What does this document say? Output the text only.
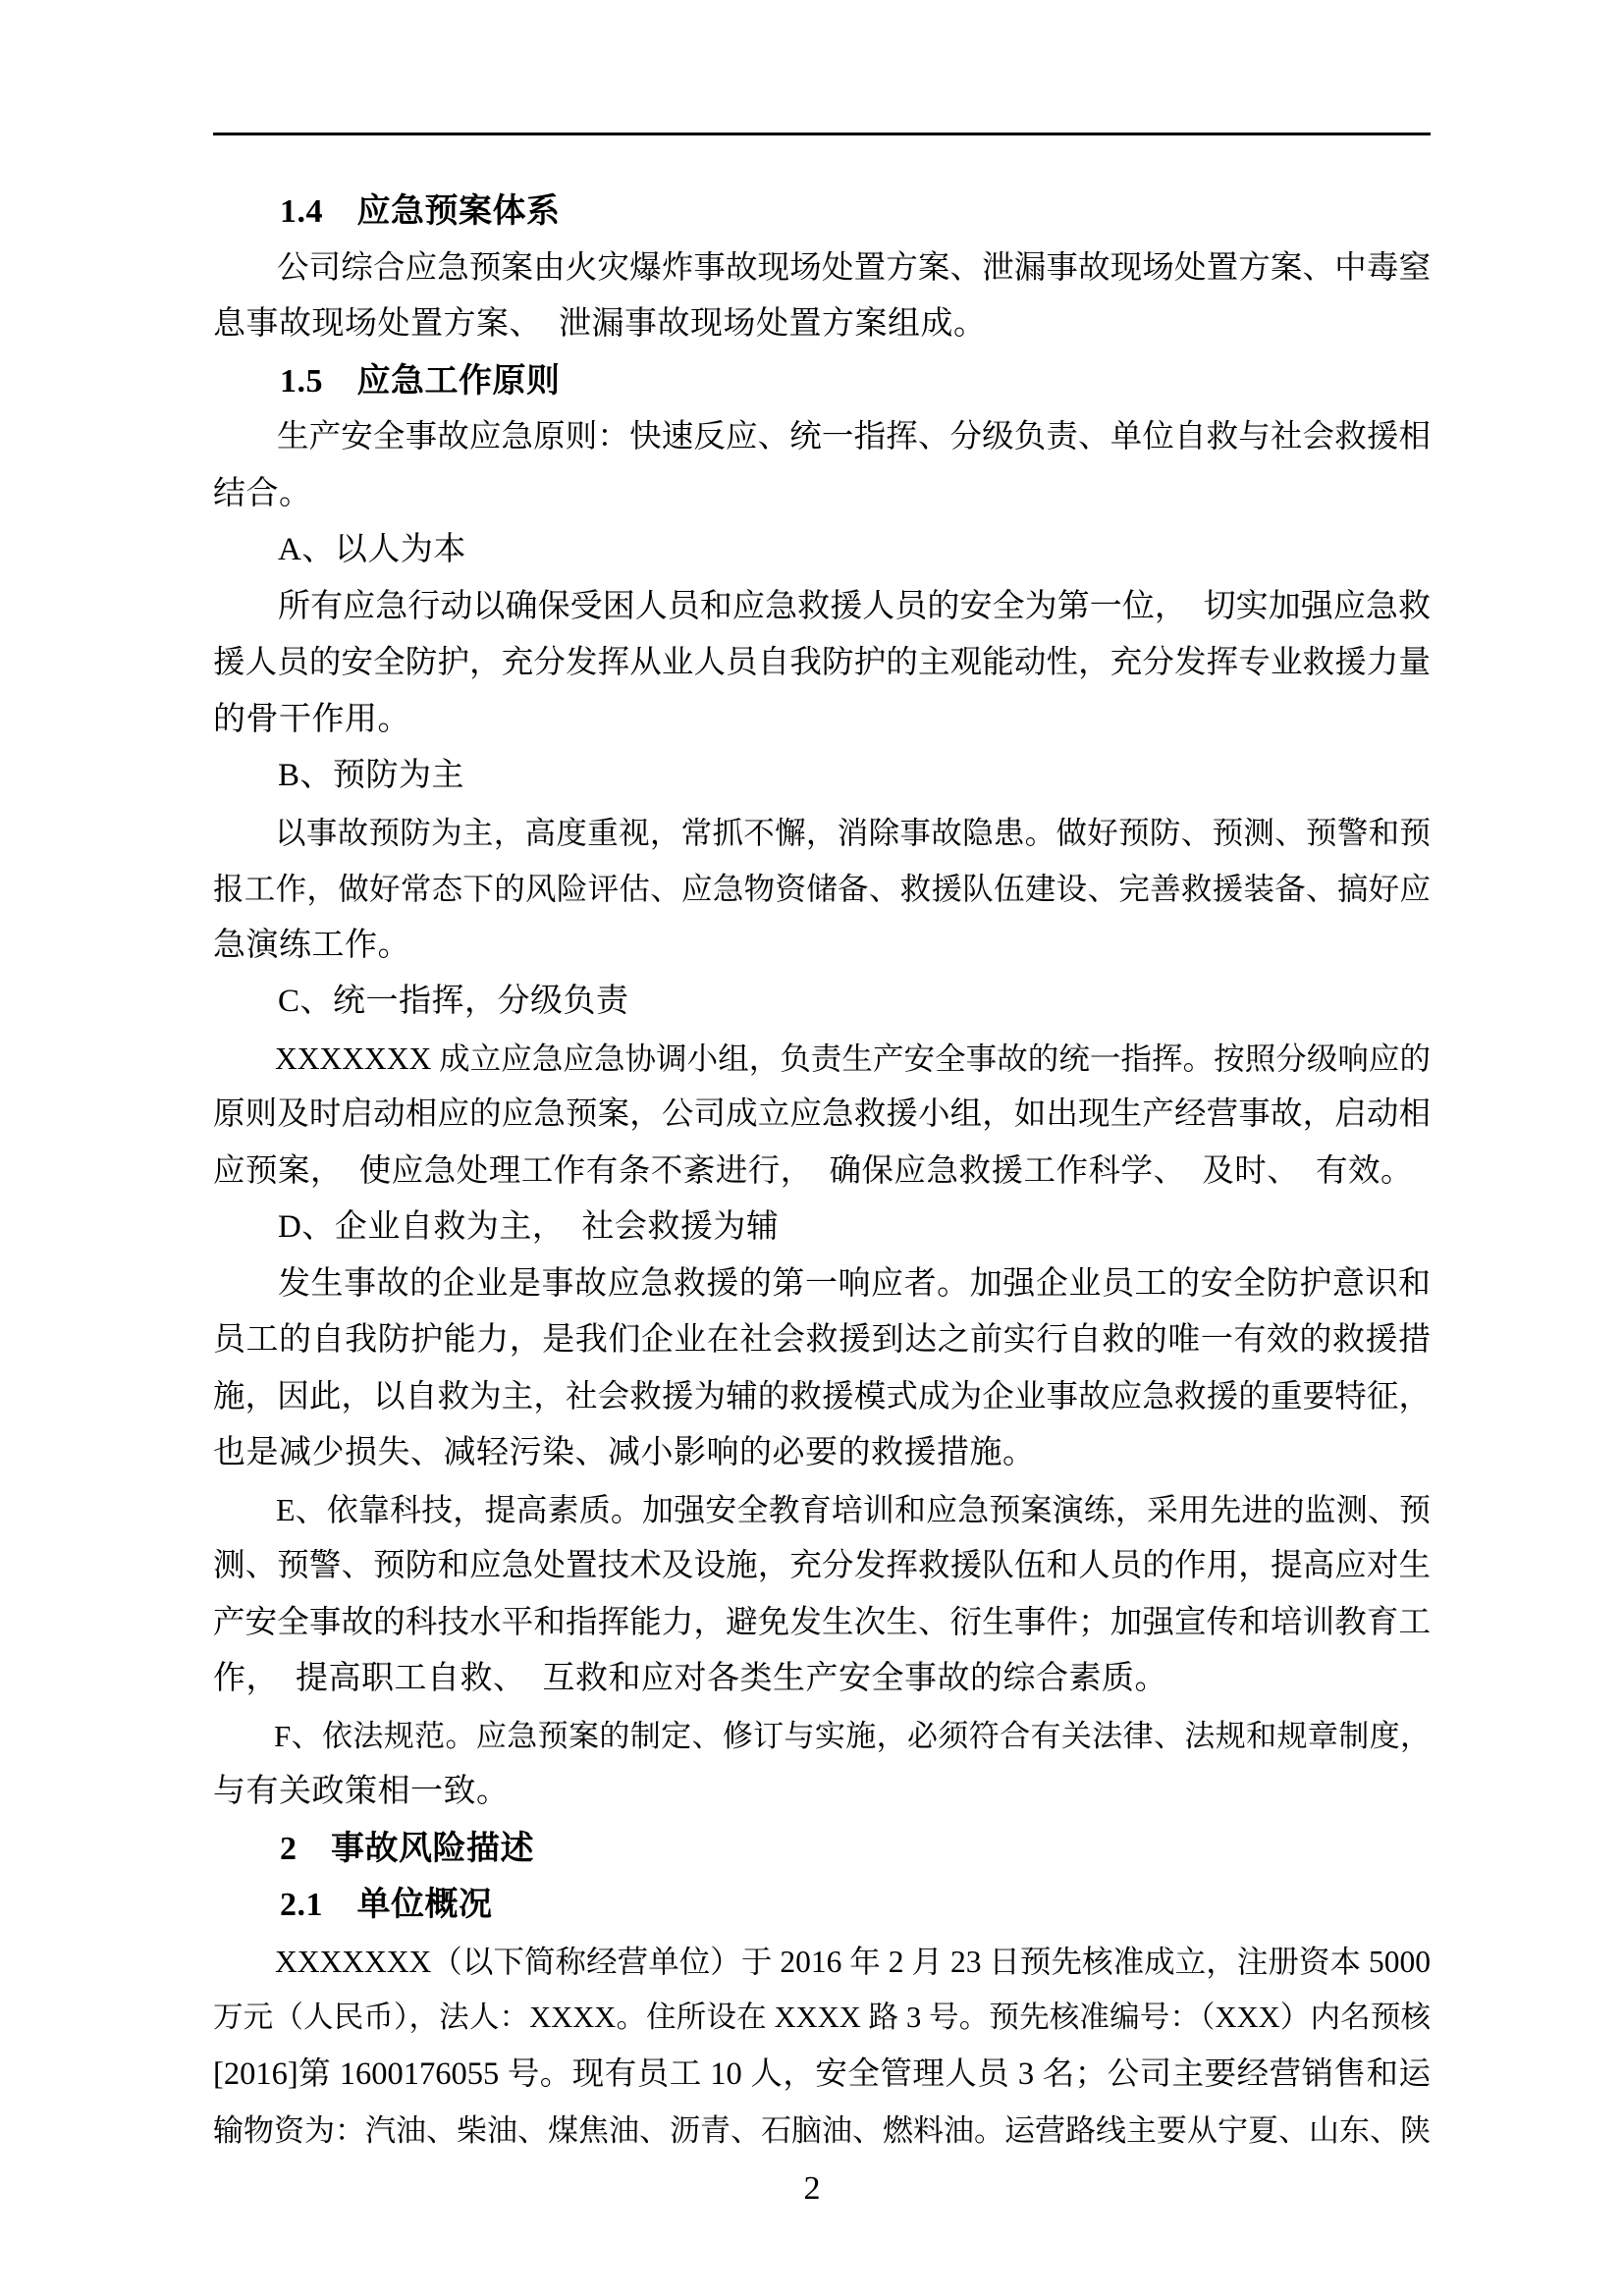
1.4　应急预案体系
公司综合应急预案由火灾爆炸事故现场处置方案、泄漏事故现场处置方案、中毒窒
息事故现场处置方案、　泄漏事故现场处置方案组成。
1.5　应急工作原则
生产安全事故应急原则：快速反应、统一指挥、分级负责、单位自救与社会救援相
结合。
A、以人为本
所有应急行动以确保受困人员和应急救援人员的安全为第一位，　切实加强应急救
援人员的安全防护，充分发挥从业人员自我防护的主观能动性，充分发挥专业救援力量
的骨干作用。
B、预防为主
以事故预防为主，高度重视，常抓不懈，消除事故隐患。做好预防、预测、预警和预
报工作，做好常态下的风险评估、应急物资储备、救援队伍建设、完善救援装备、搞好应
急演练工作。
C、统一指挥，分级负责
XXXXXXX 成立应急应急协调小组，负责生产安全事故的统一指挥。按照分级响应的
原则及时启动相应的应急预案，公司成立应急救援小组，如出现生产经营事故，启动相
应预案，　使应急处理工作有条不紊进行，　确保应急救援工作科学、　及时、　有效。
D、企业自救为主，　社会救援为辅
发生事故的企业是事故应急救援的第一响应者。加强企业员工的安全防护意识和
员工的自我防护能力，是我们企业在社会救援到达之前实行自救的唯一有效的救援措
施，因此，以自救为主，社会救援为辅的救援模式成为企业事故应急救援的重要特征，
也是减少损失、减轻污染、减小影响的必要的救援措施。
E、依靠科技，提高素质。加强安全教育培训和应急预案演练，采用先进的监测、预
测、预警、预防和应急处置技术及设施，充分发挥救援队伍和人员的作用，提高应对生
产安全事故的科技水平和指挥能力，避免发生次生、衍生事件；加强宣传和培训教育工
作，　提高职工自救、　互救和应对各类生产安全事故的综合素质。
F、依法规范。应急预案的制定、修订与实施，必须符合有关法律、法规和规章制度，
与有关政策相一致。
2　事故风险描述
2.1　单位概况
XXXXXXX（以下简称经营单位）于 2016 年 2 月 23 日预先核准成立，注册资本 5000
万元（人民币），法人：XXXX。住所设在 XXXX 路 3 号。预先核准编号：（XXX）内名预核
[2016]第 1600176055 号。现有员工 10 人，安全管理人员 3 名；公司主要经营销售和运
输物资为：汽油、柴油、煤焦油、沥青、石脑油、燃料油。运营路线主要从宁夏、山东、陕
2
